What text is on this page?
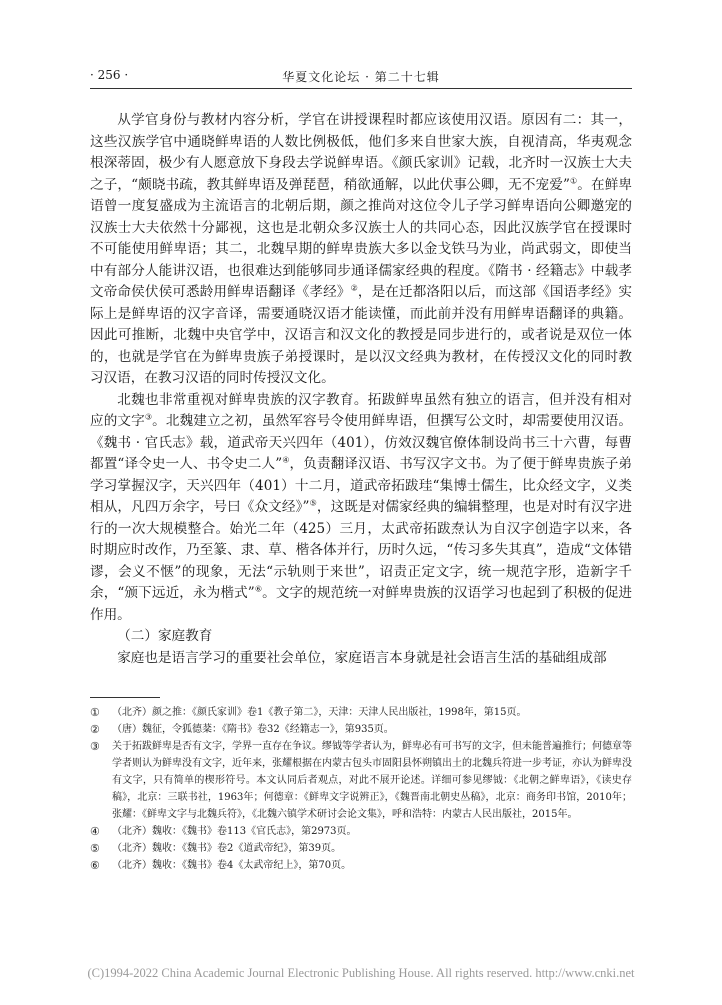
· 256 ·	华夏文化论坛 · 第二十七辑

从学官身份与教材内容分析，学官在讲授课程时都应该使用汉语。原因有二：其一，这些汉族学官中通晓鲜卑语的人数比例极低，他们多来自世家大族，自视清高，华夷观念根深蒂固，极少有人愿意放下身段去学说鲜卑语。《颜氏家训》记载，北齐时一汉族士大夫之子，“颇晓书疏，教其鲜卑语及弹琵琶，稍欲通解，以此伏事公卿，无不宠爱”①。在鲜卑语曾一度复盛成为主流语言的北朝后期，颜之推尚对这位令儿子学习鲜卑语向公卿邀宠的汉族士大夫依然十分鄙视，这也是北朝众多汉族士人的共同心态，因此汉族学官在授课时不可能使用鲜卑语；其二，北魏早期的鲜卑贵族大多以金戈铁马为业，尚武弱文，即使当中有部分人能讲汉语，也很难达到能够同步通译儒家经典的程度。《隋书 · 经籍志》中载孝文帝命侯伏侯可悉龄用鲜卑语翻译《孝经》②，是在迁都洛阳以后，而这部《国语孝经》实际上是鲜卑语的汉字音译，需要通晓汉语才能读懂，而此前并没有用鲜卑语翻译的典籍。因此可推断，北魏中央官学中，汉语言和汉文化的教授是同步进行的，或者说是双位一体的，也就是学官在为鲜卑贵族子弟授课时，是以汉文经典为教材，在传授汉文化的同时教习汉语，在教习汉语的同时传授汉文化。

北魏也非常重视对鲜卑贵族的汉字教育。拓跋鲜卑虽然有独立的语言，但并没有相对应的文字③。北魏建立之初，虽然军容号令使用鲜卑语，但撰写公文时，却需要使用汉语。《魏书 · 官氏志》载，道武帝天兴四年（401），仿效汉魏官僚体制设尚书三十六曹，每曹都置“译令史一人、书令史二人”④，负责翻译汉语、书写汉字文书。为了便于鲜卑贵族子弟学习掌握汉字，天兴四年（401）十二月，道武帝拓跋珪“集博士儒生，比众经文字，义类相从，凡四万余字，号曰《众文经》”⑤，这既是对儒家经典的编辑整理，也是对时有汉字进行的一次大规模整合。始光二年（425）三月，太武帝拓跋焘认为自汉字创造字以来，各时期应时改作，乃至篆、隶、草、楷各体并行，历时久远，“传习多失其真”，造成“文体错谬，会义不惬”的现象，无法“示轨则于来世”，诏责正定文字，统一规范字形，造新字千余，“颁下远近，永为楷式”⑥。文字的规范统一对鲜卑贵族的汉语学习也起到了积极的促进作用。

（二）家庭教育

家庭也是语言学习的重要社会单位，家庭语言本身就是社会语言生活的基础组成部

①	（北齐）颜之推：《颜氏家训》卷1《教子第二》，天津：天津人民出版社，1998年，第15页。
②	（唐）魏征，令狐德棻：《隋书》卷32《经籍志一》，第935页。
③	关于拓跋鲜卑是否有文字，学界一直存在争议。缪钺等学者认为，鲜卑必有可书写的文字，但未能普遍推行；何德章等学者则认为鲜卑没有文字，近年来，张耀根据在内蒙古包头市固阳县怀朔镇出土的北魏兵符进一步考证，亦认为鲜卑没有文字，只有简单的楔形符号。本文认同后者观点，对此不展开论述。详细可参见缪钺：《北朝之鲜卑语》，《读史存稿》，北京：三联书社，1963年；何德章：《鲜卑文字说辨正》，《魏晋南北朝史丛稿》，北京：商务印书馆，2010年；张耀：《鲜卑文字与北魏兵符》，《北魏六镇学术研讨会论文集》，呼和浩特：内蒙古人民出版社，2015年。
④	（北齐）魏收：《魏书》卷113《官氏志》，第2973页。
⑤	（北齐）魏收：《魏书》卷2《道武帝纪》，第39页。
⑥	（北齐）魏收：《魏书》卷4《太武帝纪上》，第70页。
(C)1994-2022 China Academic Journal Electronic Publishing House. All rights reserved. http://www.cnki.net
